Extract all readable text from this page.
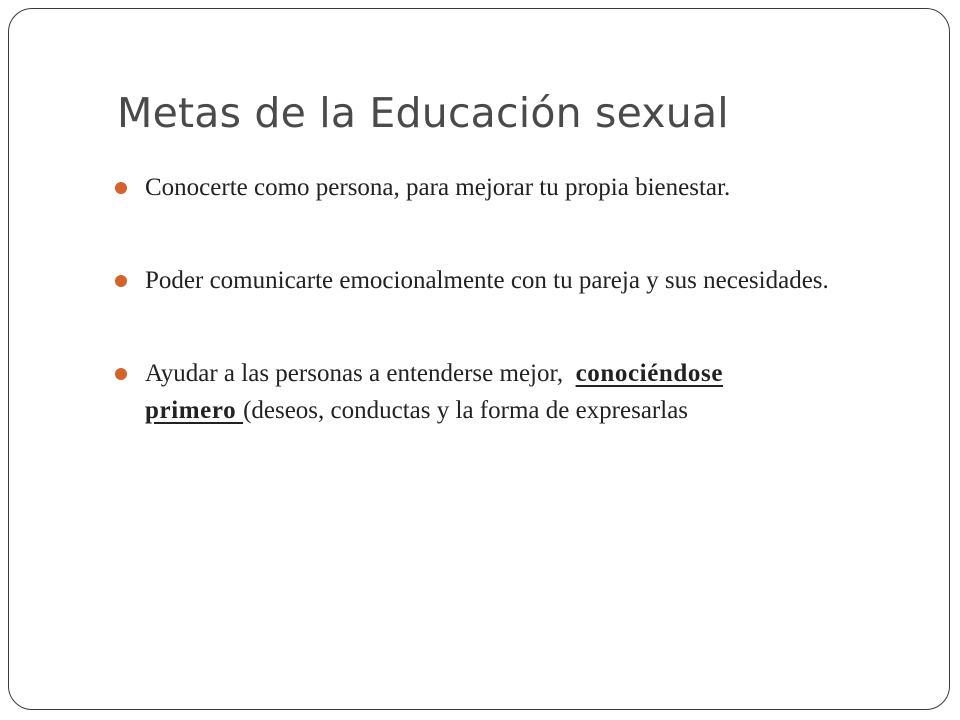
Metas de la Educación sexual
Conocerte como persona, para mejorar tu propia bienestar.
Poder comunicarte emocionalmente con tu pareja y sus necesidades.
Ayudar a las personas a entenderse mejor,  conociéndose primero (deseos, conductas y la forma de expresarlas
